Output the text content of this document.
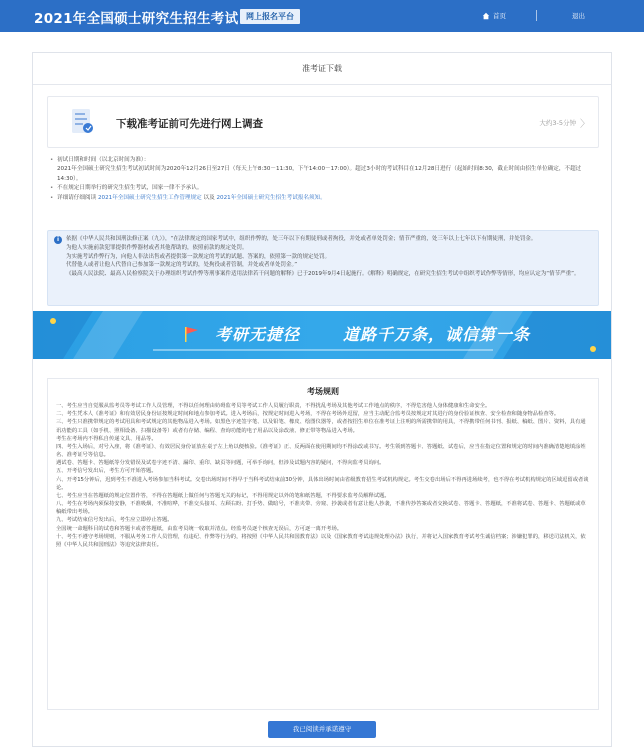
2021年全国硕士研究生招生考试 网上报名平台	首页	退出
准考证下载
下载准考证前可先进行网上调查	大约3-5分钟 〉
• 初试日期和时间（以北京时间为准）：
2021年全国硕士研究生招生考试初试时间为2020年12月26日至27日（每天上午8:30－11:30，下午14:00－17:00）。超过3小时的考试科目在12月28日进行（起始时间8:30，截止时间由招生单位确定，不超过14:30）。
• 不在规定日期举行的研究生招生考试，国家一律不予承认。
• 详细请仔细阅读 2021年全国硕士研究生招生工作管理规定 以及 2021年全国硕士研究生招生考试报名须知。
i	依据《中华人民共和国刑法修正案（九）》，“在法律规定的国家考试中，组织作弊的，处三年以下有期徒刑或者拘役，并处或者单处罚金；情节严重的，处三年以上七年以下有期徒刑，并处罚金。

为他人实施前款犯罪提供作弊器材或者其他帮助的，依照前款的规定处罚。

为实施考试作弊行为，向他人非法出售或者提供第一款规定的考试的试题、答案的，依照第一款的规定处罚。

代替他人或者让他人代替自己参加第一款规定的考试的，处拘役或者管制，并处或者单处罚金。”

《最高人民法院、最高人民检察院关于办理组织考试作弊等刑事案件适用法律若干问题的解释》已于2019年9月4日起施行。《解释》明确规定，在研究生招生考试中组织考试作弊等情形，均应认定为“情节严重”。

考研无捷径	道路千万条，诚信第一条
考场规则

一、考生应当自觉服从监考员等考试工作人员管理，不得以任何理由妨碍监考员等考试工作人员履行职责，不得扰乱考场及其他考试工作地点的秩序，不得危害他人身体健康和生命安全。

二、考生凭本人《准考证》和有效居民身份证按规定时间和地点参加考试。进入考场后，按规定时间进入考场，不得在考场外逗留，应当主动配合监考员按规定对其进行的身份验证核查、安全检查和随身物品检查等。

三、考生只准携带规定的考试用具和考试规定的其他物品进入考场。如黑色字迹签字笔、以及铅笔、橡皮、绘图仪器等，或者按招生单位在准考证上注明的所需携带的用具，不得携带任何书刊、报纸、稿纸、图片、资料，具有通讯功能的工具（如手机、照相设备、扫描设备等）或者有存储、编程、查询功能的电子用品以及涂改液、修正带等物品进入考场。

考生在考场内不得私自传递文具、用品等。

四、考生入场后，对号入座，将《准考证》、有效居民身份证放在桌子左上角以便核验。《准考证》正、反两面在使用期间均不得涂改或书写。考生领到答题卡、答题纸、试卷后，应当在指定位置和规定的时间内准确清楚地填涂姓名、准考证号等信息。

遇试卷、答题卡、答题纸等分发错误及试卷字迹不清、漏印、重印、缺页等问题，可举手询问，但涉及试题内容的疑问，不得向监考员询问。

五、开考信号发出后，考生方可开始答题。

六、开考15分钟后，迟到考生不准进入考场参加当科考试。交卷出场时间不得早于当科考试结束前30分钟，具体出场时间由省级教育招生考试机构规定。考生交卷出场后不得再进场续考，也不得在考试机构规定的区域逗留或者谈论。

七、考生应当在答题纸的规定位置作答，不得在答题纸上做任何与答题无关的标记，不得用规定以外的笔和纸答题，不得要求监考员解释试题。

八、考生在考场内须保持安静，不准吸烟，不准喧哗，不准交头接耳、左顾右盼、打手势、做暗号，不准夹带、旁窥、抄袭或者有意让他人抄袭，不准传抄答案或者交换试卷、答题卡、答题纸，不准将试卷、答题卡、答题纸或草稿纸带出考场。

九、考试结束信号发出后，考生应立即停止答题。

全国统一命题科目的试卷和答题卡或者答题纸，由监考员统一收取并清点。经监考员逐个核查无误后，方可逐一离开考场。

十、考生不遵守考场规则，不服从考务工作人员管理，有违纪、作弊等行为的，将按照《中华人民共和国教育法》以及《国家教育考试违规处理办法》执行，并将记入国家教育考试考生诚信档案；涉嫌犯罪的，移送司法机关，依照《中华人民共和国刑法》等追究法律责任。

我已阅读并承诺遵守
